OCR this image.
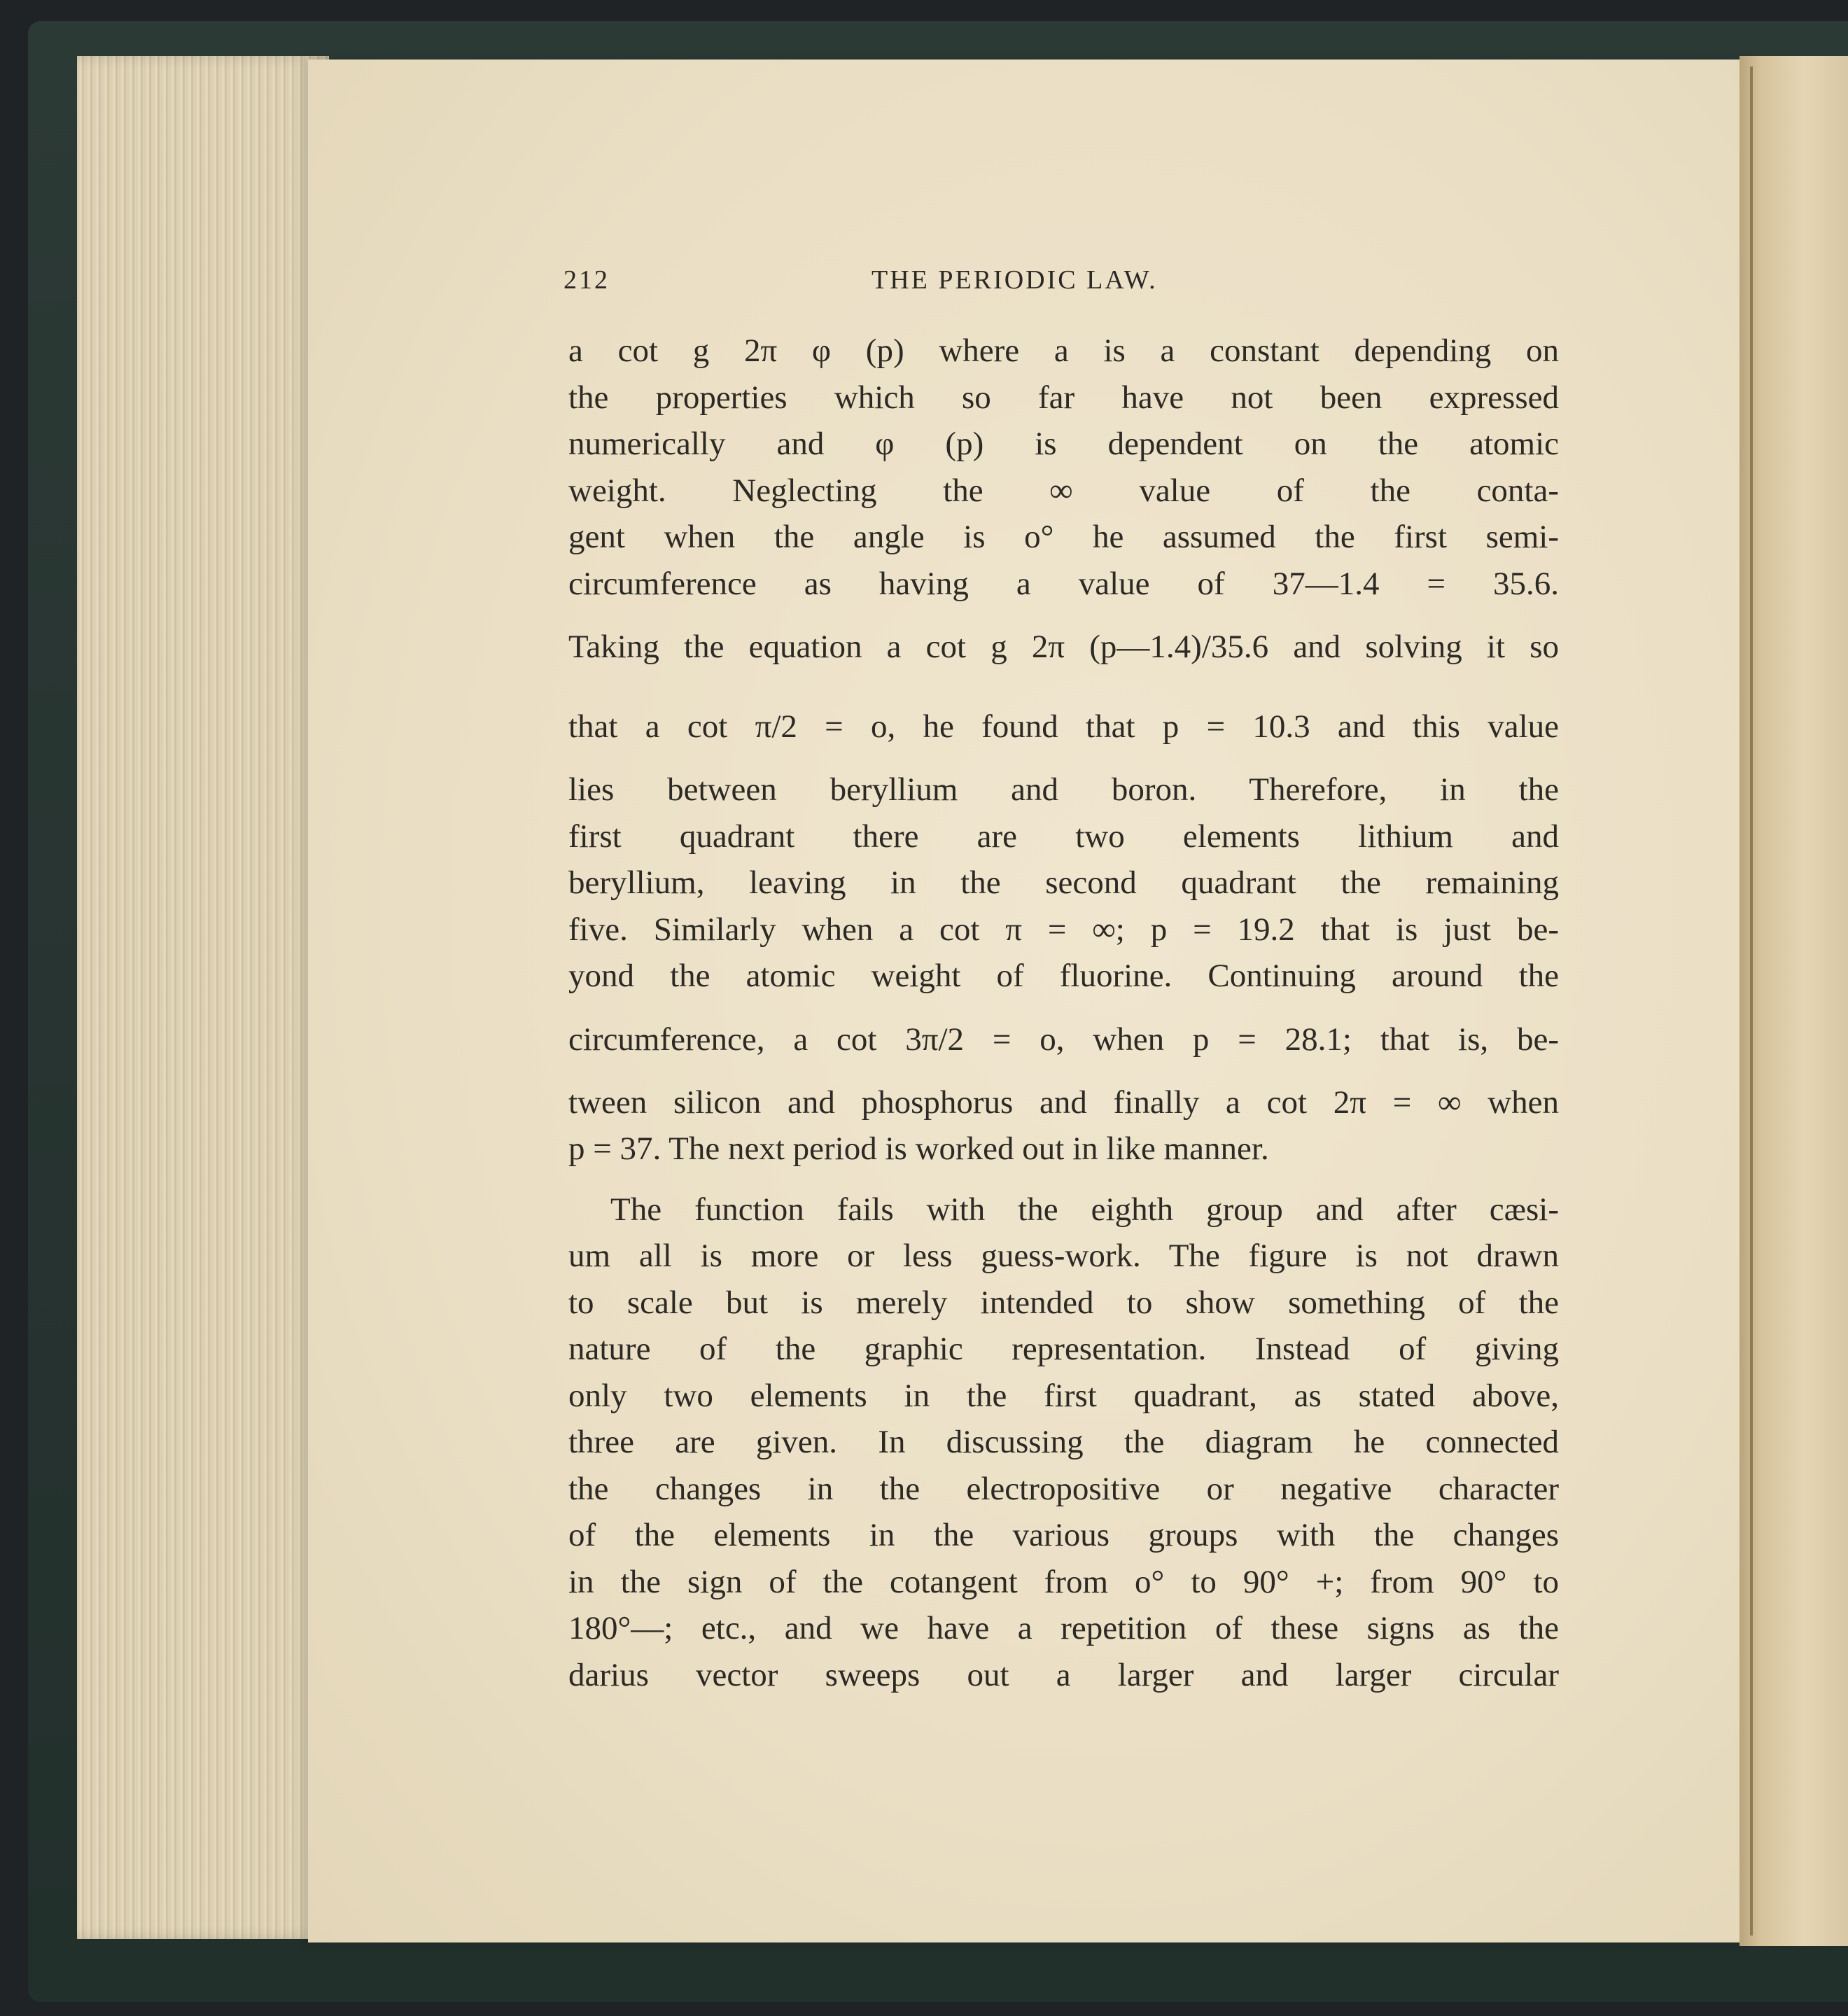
212	THE PERIODIC LAW.
a cot g 2π φ (p) where a is a constant depending on
the properties which so far have not been expressed
numerically and φ (p) is dependent on the atomic
weight. Neglecting the ∞ value of the conta-
gent when the angle is o° he assumed the first semi-
circumference as having a value of 37—1.4 = 35.6.
Taking the equation a cot g 2π (p—1.4)/35.6 and solving it so
that a cot π/2 = o, he found that p = 10.3 and this value
lies between beryllium and boron. Therefore, in the
first quadrant there are two elements lithium and
beryllium, leaving in the second quadrant the remaining
five. Similarly when a cot π = ∞; p = 19.2 that is just be-
yond the atomic weight of fluorine. Continuing around the
circumference, a cot 3π/2 = o, when p = 28.1; that is, be-
tween silicon and phosphorus and finally a cot 2π = ∞ when
p = 37. The next period is worked out in like manner.
The function fails with the eighth group and after cæsi-
um all is more or less guess-work. The figure is not drawn
to scale but is merely intended to show something of the
nature of the graphic representation. Instead of giving
only two elements in the first quadrant, as stated above,
three are given. In discussing the diagram he connected
the changes in the electropositive or negative character
of the elements in the various groups with the changes
in the sign of the cotangent from o° to 90° +; from 90° to
180°—; etc., and we have a repetition of these signs as the
darius vector sweeps out a larger and larger circular
